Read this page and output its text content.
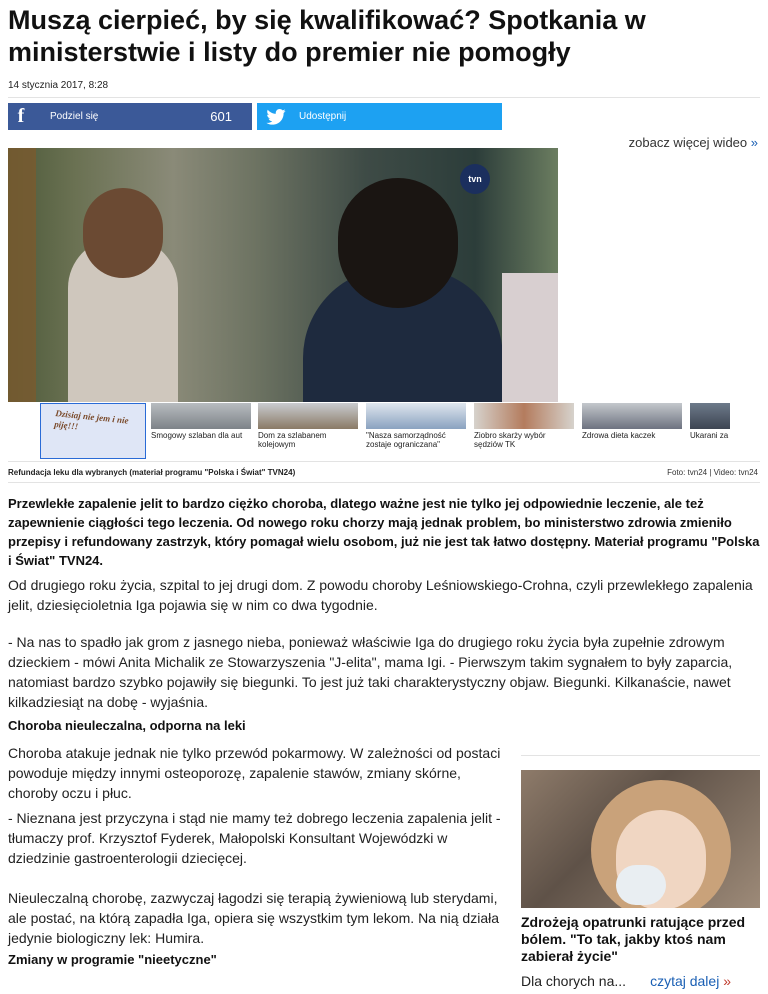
Muszą cierpieć, by się kwalifikować? Spotkania w ministerstwie i listy do premier nie pomogły
14 stycznia 2017, 8:28
f	Podziel się	601	Udostępnij
zobacz więcej wideo »
tvn
Dzisiaj nie jem i nie piję!!!
Smogowy szlaban dla aut	Dom za szlabanem kolejowym
"Nasza samorządność zostaje ograniczana"
Ziobro skarży wybór sędziów TK
Zdrowa dieta kaczek	Ukarani za
Refundacja leku dla wybranych (materiał programu "Polska i Świat" TVN24)	Foto: tvn24 | Video: tvn24

Przewlekłe zapalenie jelit to bardzo ciężko choroba, dlatego ważne jest nie tylko jej odpowiednie leczenie, ale też zapewnienie ciągłości tego leczenia. Od nowego roku chorzy mają jednak problem, bo ministerstwo zdrowia zmieniło przepisy i refundowany zastrzyk, który pomagał wielu osobom, już nie jest tak łatwo dostępny. Materiał programu "Polska i Świat" TVN24.

Od drugiego roku życia, szpital to jej drugi dom. Z powodu choroby Leśniowskiego-Crohna, czyli przewlekłego zapalenia jelit, dziesięcioletnia Iga pojawia się w nim co dwa tygodnie.

- Na nas to spadło jak grom z jasnego nieba, ponieważ właściwie Iga do drugiego roku życia była zupełnie zdrowym dzieckiem - mówi Anita Michalik ze Stowarzyszenia "J-elita", mama Igi. - Pierwszym takim sygnałem to były zaparcia, natomiast bardzo szybko pojawiły się biegunki. To jest już taki charakterystyczny objaw. Biegunki. Kilkanaście, nawet kilkadziesiąt na dobę - wyjaśnia.

Choroba nieuleczalna, odporna na leki

Choroba atakuje jednak nie tylko przewód pokarmowy. W zależności od postaci powoduje między innymi osteoporozę, zapalenie stawów, zmiany skórne, choroby oczu i płuc.

- Nieznana jest przyczyna i stąd nie mamy też dobrego leczenia zapalenia jelit - tłumaczy prof. Krzysztof Fyderek, Małopolski Konsultant Wojewódzki w dziedzinie gastroenterologii dziecięcej.

Nieuleczalną chorobę, zazwyczaj łagodzi się terapią żywieniową lub sterydami, ale postać, na którą zapadła Iga, opiera się wszystkim tym lekom. Na nią działa jedynie biologiczny lek: Humira.

Zmiany w programie "nieetyczne"

Zdrożeją opatrunki ratujące przed bólem. "To tak, jakby ktoś nam zabierał życie"

Dla chorych na... czytaj dalej »
